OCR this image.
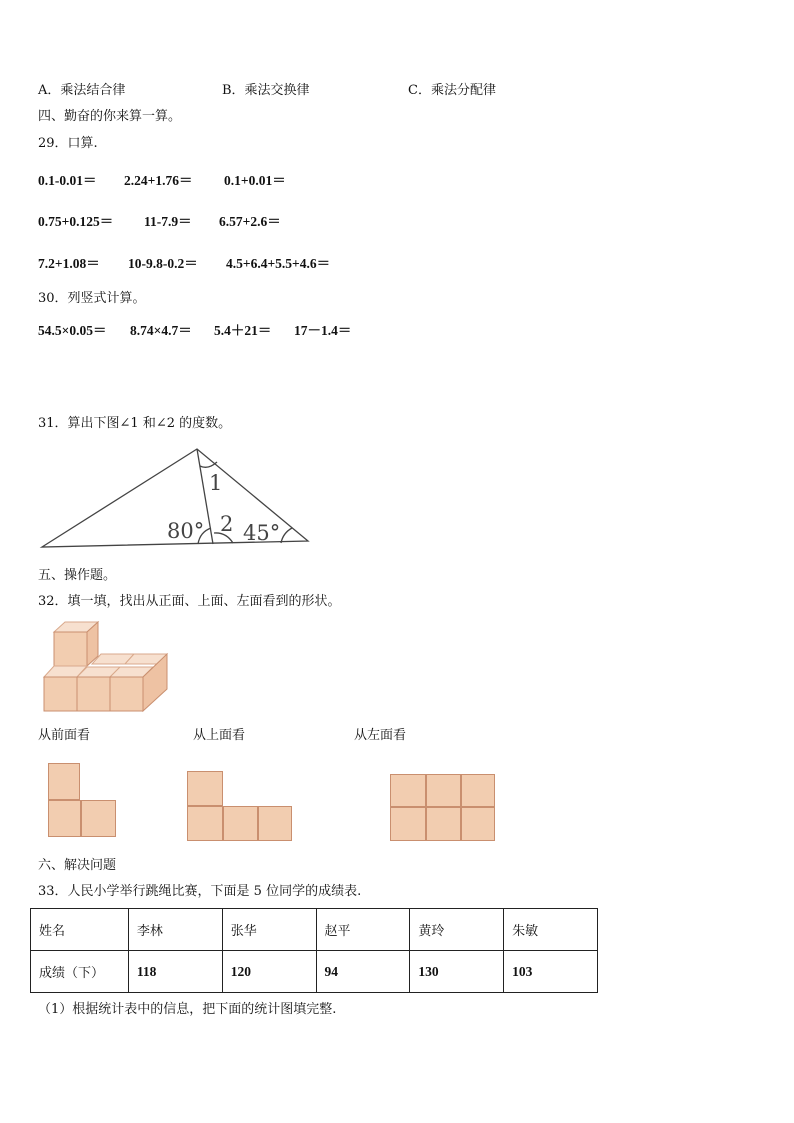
A．乘法结合律	B．乘法交换律	C．乘法分配律
四、勤奋的你来算一算。
29．口算.
0.1-0.01＝ 2.24+1.76＝ 0.1+0.01＝
0.75+0.125＝ 11-7.9＝ 6.57+2.6＝
7.2+1.08＝ 10-9.8-0.2＝ 4.5+6.4+5.5+4.6＝
30．列竖式计算。
54.5×0.05＝ 8.74×4.7＝ 5.4＋21＝ 17－1.4＝
31．算出下图∠1 和∠2 的度数。
1
2
80° 45°
五、操作题。
32．填一填，找出从正面、上面、左面看到的形状。
从前面看	从上面看	从左面看
六、解决问题
33．人民小学举行跳绳比赛，下面是 5 位同学的成绩表.
姓名	李林	张华	赵平	黄玲	朱敏
成绩（下）	118	120	94	130	103
（1）根据统计表中的信息，把下面的统计图填完整.
